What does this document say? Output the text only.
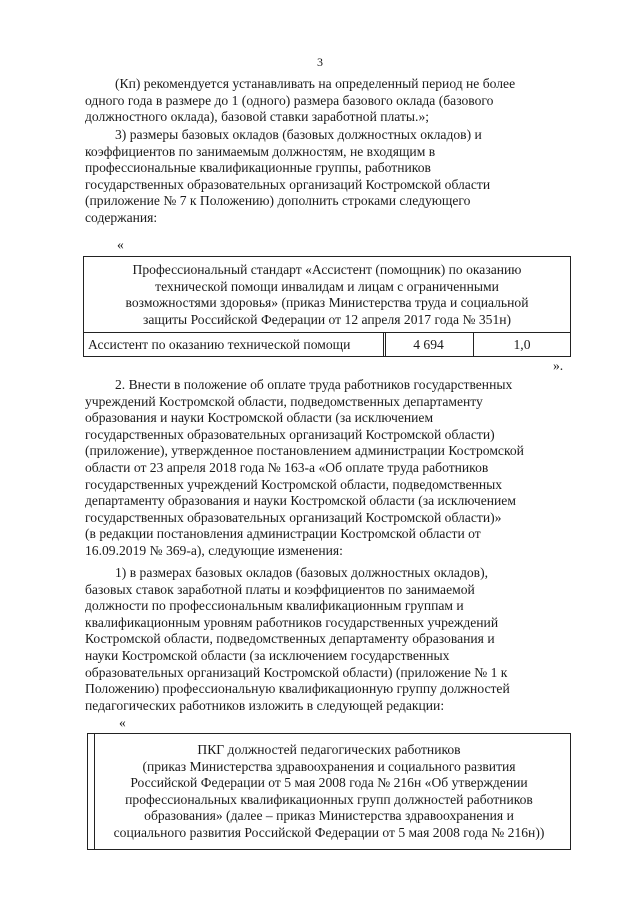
3

(Кп) рекомендуется устанавливать на определенный период не более

одного года в размере до 1 (одного) размера базового оклада (базового

должностного оклада), базовой ставки заработной платы.»;

3) размеры базовых окладов (базовых должностных окладов) и

коэффициентов по занимаемым должностям, не входящим в

профессиональные квалификационные группы, работников

государственных образовательных организаций Костромской области

(приложение № 7 к Положению) дополнить строками следующего

содержания:

«
Профессиональный стандарт «Ассистент (помощник) по оказанию
технической помощи инвалидам и лицам с ограниченными
возможностями здоровья» (приказ Министерства труда и социальной
защиты Российской Федерации от 12 апреля 2017 года № 351н)
Ассистент по оказанию технической помощи	4 694	1,0
».

2. Внести в положение об оплате труда работников государственных

учреждений Костромской области, подведомственных департаменту

образования и науки Костромской области (за исключением

государственных образовательных организаций Костромской области)

(приложение), утвержденное постановлением администрации Костромской

области от 23 апреля 2018 года № 163-а «Об оплате труда работников

государственных учреждений Костромской области, подведомственных

департаменту образования и науки Костромской области (за исключением

государственных образовательных организаций Костромской области)»

(в редакции постановления администрации Костромской области от

16.09.2019 № 369-а), следующие изменения:

1) в размерах базовых окладов (базовых должностных окладов),

базовых ставок заработной платы и коэффициентов по занимаемой

должности по профессиональным квалификационным группам и

квалификационным уровням работников государственных учреждений

Костромской области, подведомственных департаменту образования и

науки Костромской области (за исключением государственных

образовательных организаций Костромской области) (приложение № 1 к

Положению) профессиональную квалификационную группу должностей

педагогических работников изложить в следующей редакции:

«
ПКГ должностей педагогических работников
(приказ Министерства здравоохранения и социального развития
Российской Федерации от 5 мая 2008 года № 216н «Об утверждении
профессиональных квалификационных групп должностей работников
образования» (далее – приказ Министерства здравоохранения и
социального развития Российской Федерации от 5 мая 2008 года № 216н))
